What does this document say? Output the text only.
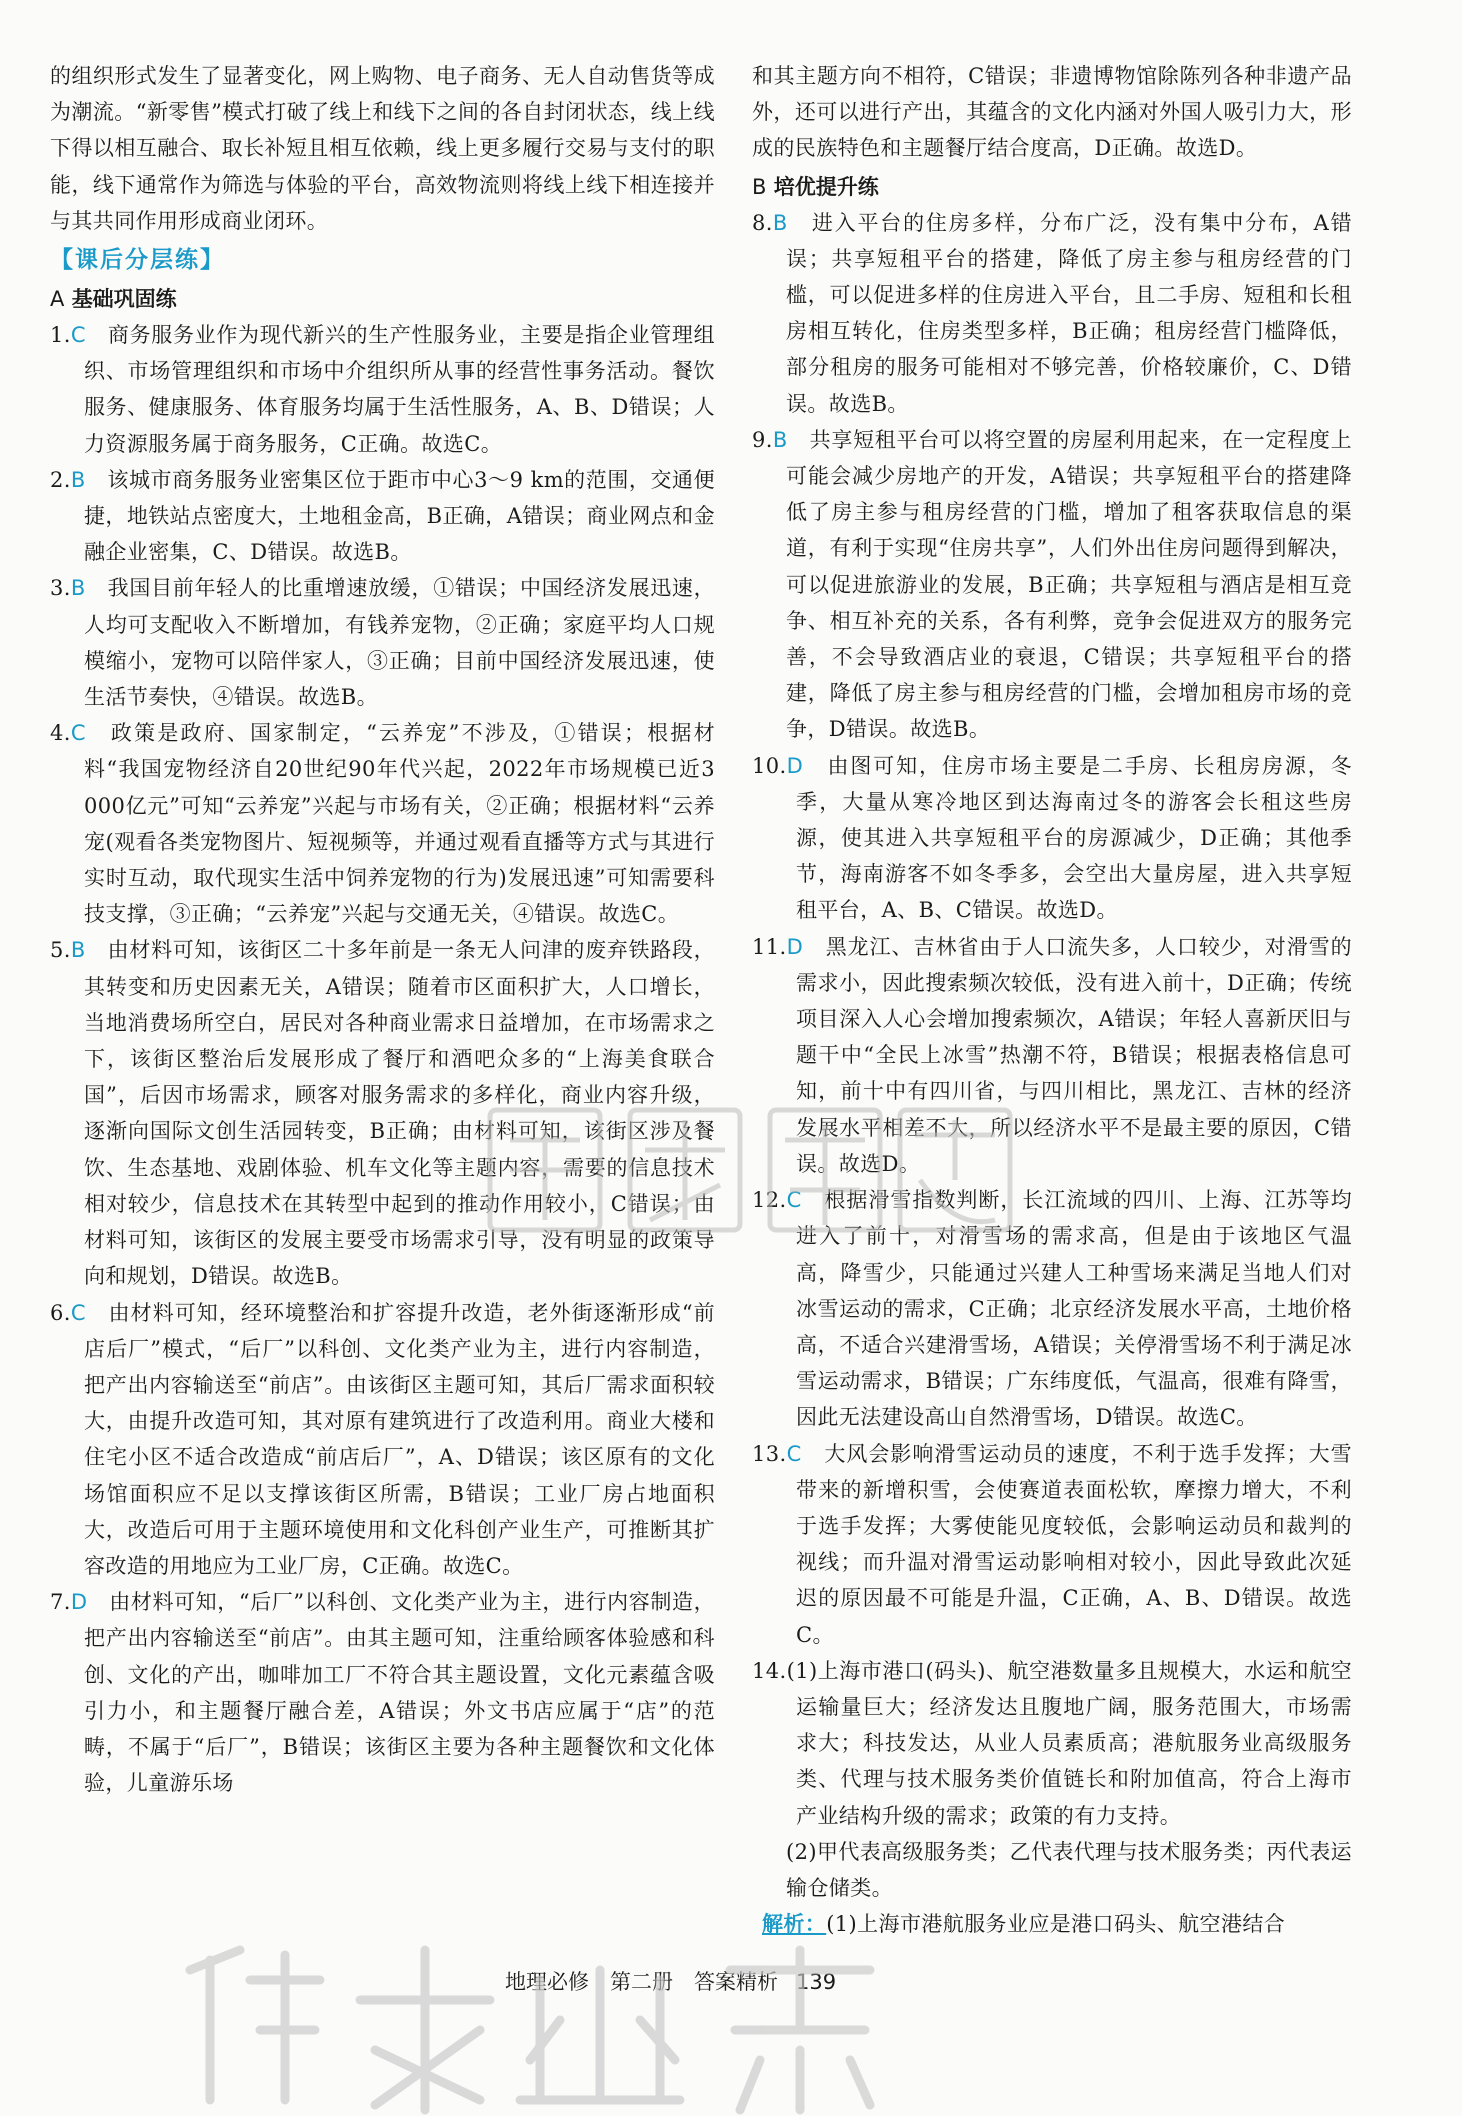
的组织形式发生了显著变化，网上购物、电子商务、无人自动售货等成为潮流。“新零售”模式打破了线上和线下之间的各自封闭状态，线上线下得以相互融合、取长补短且相互依赖，线上更多履行交易与支付的职能，线下通常作为筛选与体验的平台，高效物流则将线上线下相连接并与其共同作用形成商业闭环。

【课后分层练】
A 基础巩固练

1.C　 商务服务业作为现代新兴的生产性服务业，主要是指企业管理组织、市场管理组织和市场中介组织所从事的经营性事务活动。餐饮服务、健康服务、体育服务均属于生活性服务，A、B、D错误；人力资源服务属于商务服务，C正确。故选C。

2.B　 该城市商务服务业密集区位于距市中心3～9 km的范围，交通便捷，地铁站点密度大，土地租金高，B正确，A错误；商业网点和金融企业密集，C、D错误。故选B。

3.B　 我国目前年轻人的比重增速放缓，①错误；中国经济发展迅速，人均可支配收入不断增加，有钱养宠物，②正确；家庭平均人口规模缩小，宠物可以陪伴家人，③正确；目前中国经济发展迅速，使生活节奏快，④错误。故选B。

4.C　 政策是政府、国家制定，“云养宠”不涉及，①错误；根据材料“我国宠物经济自20世纪90年代兴起，2022年市场规模已近3 000亿元”可知“云养宠”兴起与市场有关，②正确；根据材料“云养宠(观看各类宠物图片、短视频等，并通过观看直播等方式与其进行实时互动，取代现实生活中饲养宠物的行为)发展迅速”可知需要科技支撑，③正确；“云养宠”兴起与交通无关，④错误。故选C。

5.B　 由材料可知，该街区二十多年前是一条无人问津的废弃铁路段，其转变和历史因素无关，A错误；随着市区面积扩大，人口增长，当地消费场所空白，居民对各种商业需求日益增加，在市场需求之下，该街区整治后发展形成了餐厅和酒吧众多的“上海美食联合国”，后因市场需求，顾客对服务需求的多样化，商业内容升级，逐渐向国际文创生活园转变，B正确；由材料可知，该街区涉及餐饮、生态基地、戏剧体验、机车文化等主题内容，需要的信息技术相对较少，信息技术在其转型中起到的推动作用较小，C错误；由材料可知，该街区的发展主要受市场需求引导，没有明显的政策导向和规划，D错误。故选B。

6.C　 由材料可知，经环境整治和扩容提升改造，老外街逐渐形成“前店后厂”模式，“后厂”以科创、文化类产业为主，进行内容制造，把产出内容输送至“前店”。由该街区主题可知，其后厂需求面积较大，由提升改造可知，其对原有建筑进行了改造利用。商业大楼和住宅小区不适合改造成“前店后厂”，A、D错误；该区原有的文化场馆面积应不足以支撑该街区所需，B错误；工业厂房占地面积大，改造后可用于主题环境使用和文化科创产业生产，可推断其扩容改造的用地应为工业厂房，C正确。故选C。

7.D　 由材料可知，“后厂”以科创、文化类产业为主，进行内容制造，把产出内容输送至“前店”。由其主题可知，注重给顾客体验感和科创、文化的产出，咖啡加工厂不符合其主题设置，文化元素蕴含吸引力小，和主题餐厅融合差，A错误；外文书店应属于“店”的范畴，不属于“后厂”，B错误；该街区主要为各种主题餐饮和文化体验，儿童游乐场

和其主题方向不相符，C错误；非遗博物馆除陈列各种非遗产品外，还可以进行产出，其蕴含的文化内涵对外国人吸引力大，形成的民族特色和主题餐厅结合度高，D正确。故选D。

B 培优提升练

8.B　 进入平台的住房多样，分布广泛，没有集中分布，A错误；共享短租平台的搭建，降低了房主参与租房经营的门槛，可以促进多样的住房进入平台，且二手房、短租和长租房相互转化，住房类型多样，B正确；租房经营门槛降低，部分租房的服务可能相对不够完善，价格较廉价，C、D错误。故选B。

9.B　 共享短租平台可以将空置的房屋利用起来，在一定程度上可能会减少房地产的开发，A错误；共享短租平台的搭建降低了房主参与租房经营的门槛，增加了租客获取信息的渠道，有利于实现“住房共享”，人们外出住房问题得到解决，可以促进旅游业的发展，B正确；共享短租与酒店是相互竞争、相互补充的关系，各有利弊，竞争会促进双方的服务完善，不会导致酒店业的衰退，C错误；共享短租平台的搭建，降低了房主参与租房经营的门槛，会增加租房市场的竞争，D错误。故选B。

10.D　 由图可知，住房市场主要是二手房、长租房房源，冬季，大量从寒冷地区到达海南过冬的游客会长租这些房源，使其进入共享短租平台的房源减少，D正确；其他季节，海南游客不如冬季多，会空出大量房屋，进入共享短租平台，A、B、C错误。故选D。

11.D　 黑龙江、吉林省由于人口流失多，人口较少，对滑雪的需求小，因此搜索频次较低，没有进入前十，D正确；传统项目深入人心会增加搜索频次，A错误；年轻人喜新厌旧与题干中“全民上冰雪”热潮不符，B错误；根据表格信息可知，前十中有四川省，与四川相比，黑龙江、吉林的经济发展水平相差不大，所以经济水平不是最主要的原因，C错误。故选D。

12.C　 根据滑雪指数判断，长江流域的四川、上海、江苏等均进入了前十，对滑雪场的需求高，但是由于该地区气温高，降雪少，只能通过兴建人工种雪场来满足当地人们对冰雪运动的需求，C正确；北京经济发展水平高，土地价格高，不适合兴建滑雪场，A错误；关停滑雪场不利于满足冰雪运动需求，B错误；广东纬度低，气温高，很难有降雪，因此无法建设高山自然滑雪场，D错误。故选C。

13.C　 大风会影响滑雪运动员的速度，不利于选手发挥；大雪带来的新增积雪，会使赛道表面松软，摩擦力增大，不利于选手发挥；大雾使能见度较低，会影响运动员和裁判的视线；而升温对滑雪运动影响相对较小，因此导致此次延迟的原因最不可能是升温，C正确，A、B、D错误。故选C。

14.(1)上海市港口(码头)、航空港数量多且规模大，水运和航空运输量巨大；经济发达且腹地广阔，服务范围大，市场需求大；科技发达，从业人员素质高；港航服务业高级服务类、代理与技术服务类价值链长和附加值高，符合上海市产业结构升级的需求；政策的有力支持。

(2)甲代表高级服务类；乙代表代理与技术服务类；丙代表运输仓储类。

解析：(1)上海市港航服务业应是港口码头、航空港结合

地理必修　第二册　 答案精析 139
